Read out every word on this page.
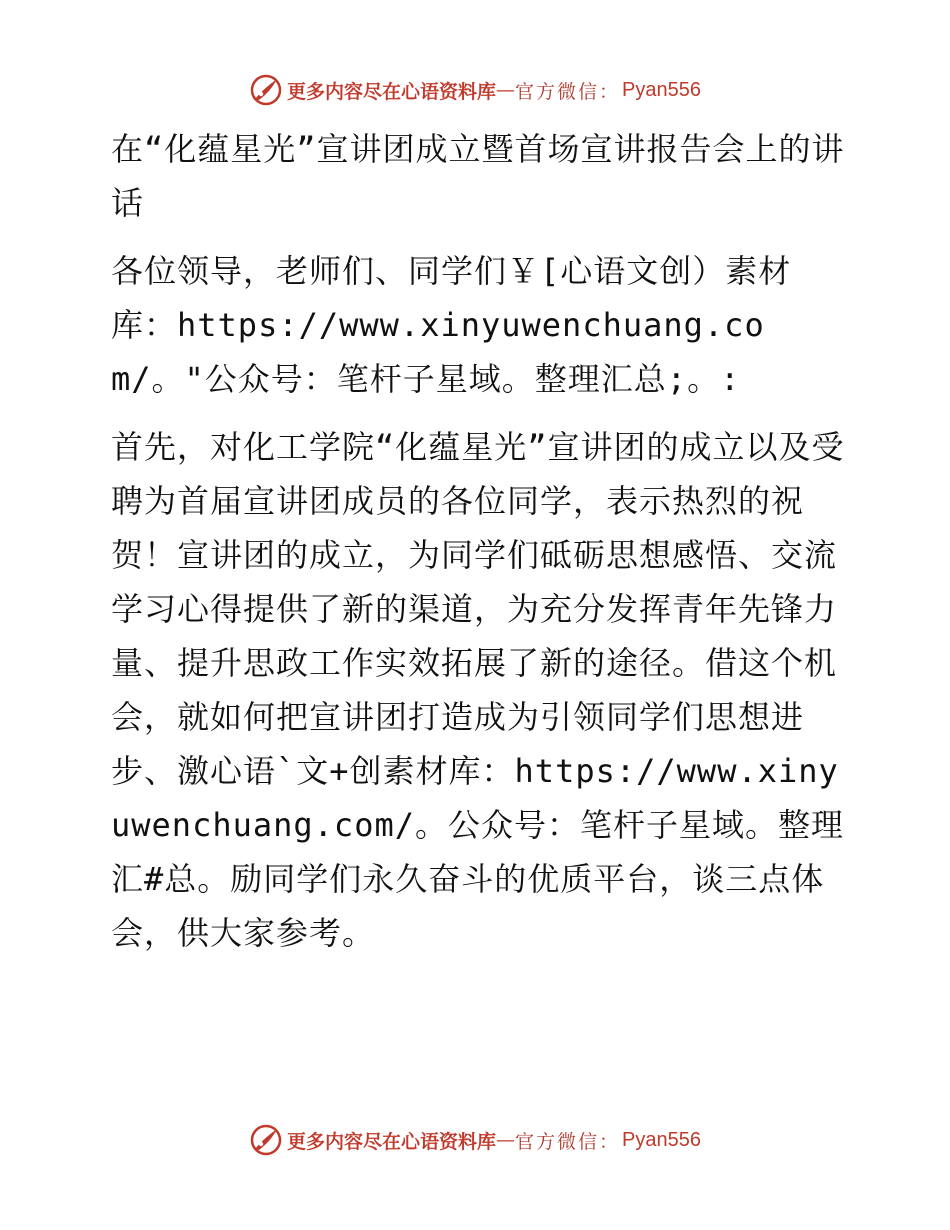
更多内容尽在心语资料库 — 官方微信： Pyan556

在“化蕴星光”宣讲团成立暨首场宣讲报告会上的讲话

各位领导，老师们、同学们￥[心语文创）素材库：https://www.xinyuwenchuang.com/。"公众号：笔杆子星域。整理汇总;。:

首先，对化工学院“化蕴星光”宣讲团的成立以及受聘为首届宣讲团成员的各位同学，表示热烈的祝贺！宣讲团的成立，为同学们砥砺思想感悟、交流学习心得提供了新的渠道，为充分发挥青年先锋力量、提升思政工作实效拓展了新的途径。借这个机会，就如何把宣讲团打造成为引领同学们思想进步、激心语`文+创素材库：https://www.xinyuwenchuang.com/。公众号：笔杆子星域。整理汇#总。励同学们永久奋斗的优质平台，谈三点体会，供大家参考。

更多内容尽在心语资料库 — 官方微信： Pyan556
